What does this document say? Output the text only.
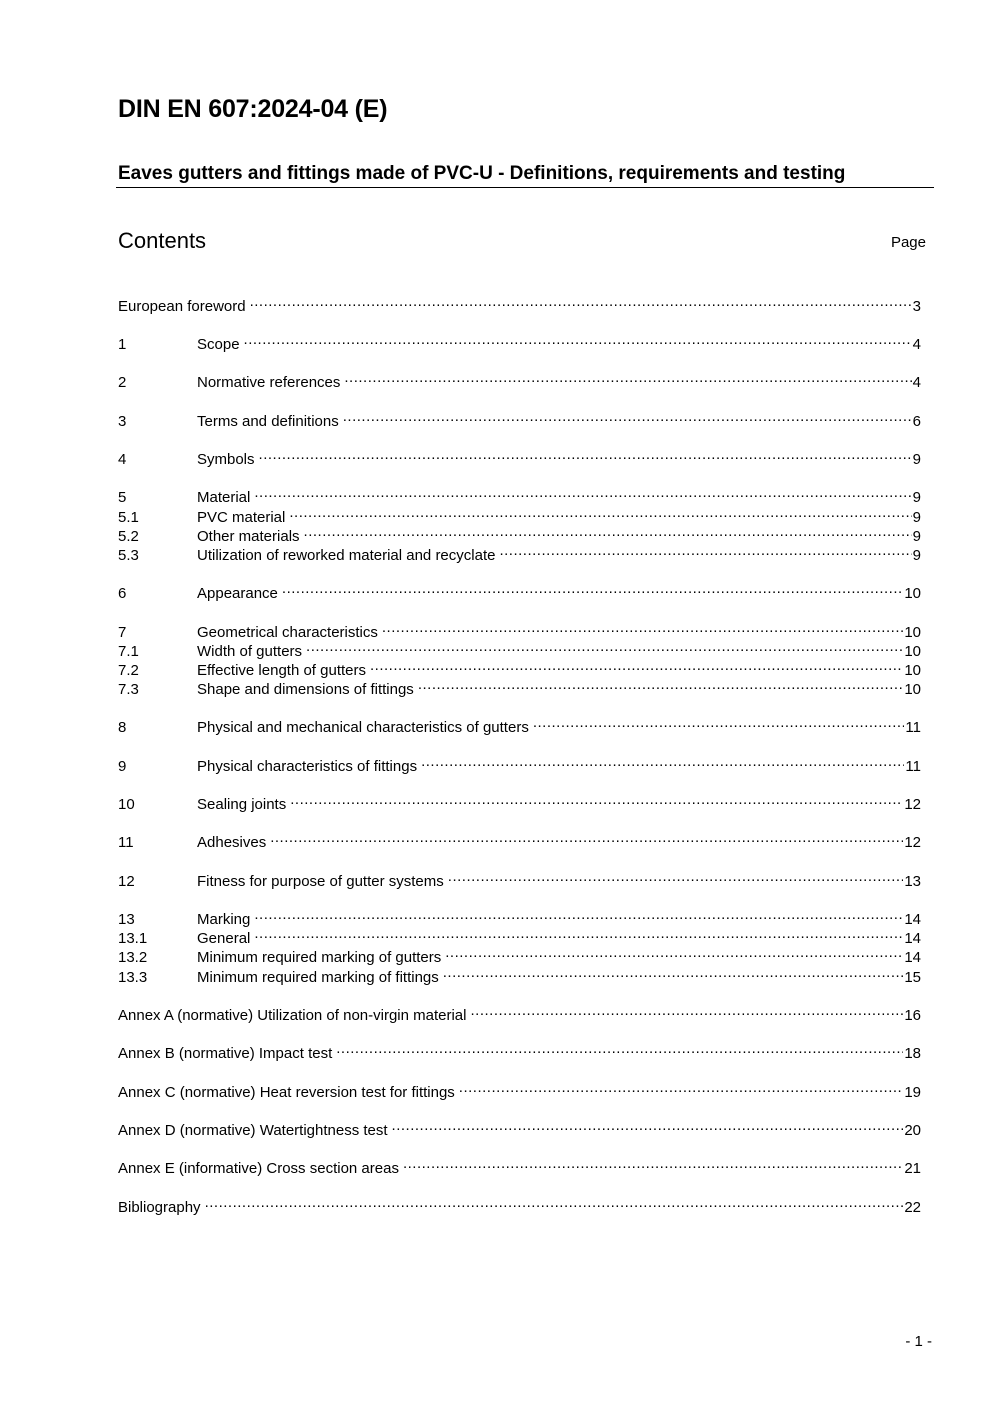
DIN EN 607:2024-04 (E)
Eaves gutters and fittings made of PVC-U - Definitions, requirements and testing
Contents	Page
European foreword .....	3
1	Scope .....	4
2	Normative references .....	4
3	Terms and definitions .....	6
4	Symbols .....	9
5	Material .....	9
5.1	PVC material .....	9
5.2	Other materials .....	9
5.3	Utilization of reworked material and recyclate .....	9
6	Appearance .....	10
7	Geometrical characteristics .....	10
7.1	Width of gutters .....	10
7.2	Effective length of gutters .....	10
7.3	Shape and dimensions of fittings .....	10
8	Physical and mechanical characteristics of gutters .....	11
9	Physical characteristics of fittings .....	11
10	Sealing joints .....	12
11	Adhesives .....	12
12	Fitness for purpose of gutter systems .....	13
13	Marking .....	14
13.1	General .....	14
13.2	Minimum required marking of gutters .....	14
13.3	Minimum required marking of fittings .....	15
Annex A (normative) Utilization of non-virgin material .....	16
Annex B (normative) Impact test .....	18
Annex C (normative) Heat reversion test for fittings .....	19
Annex D (normative) Watertightness test .....	20
Annex E (informative) Cross section areas .....	21
Bibliography .....	22
- 1 -
